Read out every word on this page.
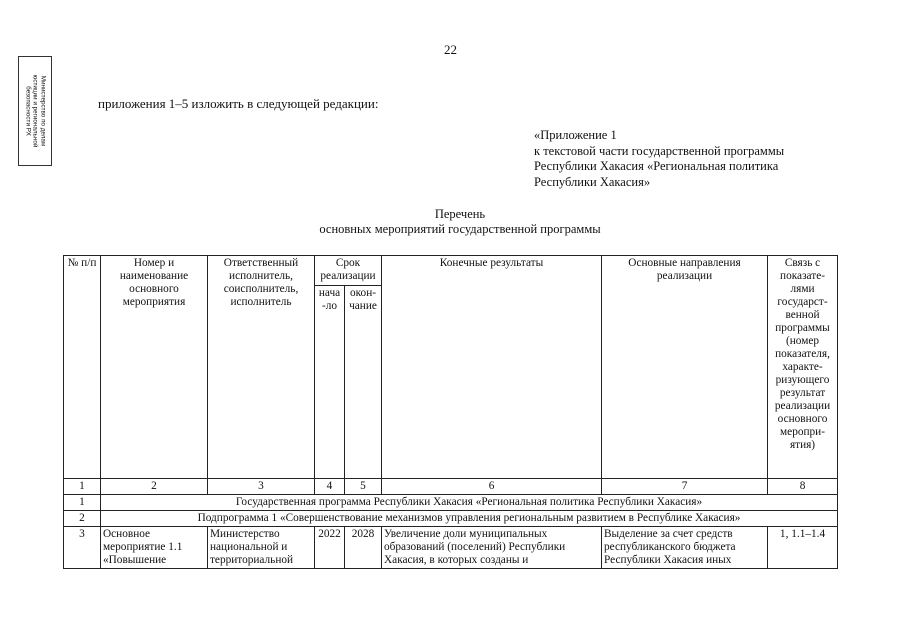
22
Министерство по делам
юстиции и региональной
безопасности РХ	приложения 1–5 изложить в следующей редакции:
«Приложение 1
к текстовой части государственной программы
Республики Хакасия «Региональная политика
Республики Хакасия»
Перечень
основных мероприятий государственной программы
№ п/п	Номер и наименование основного мероприятия	Ответственный исполнитель, соисполнитель, исполнитель	Срок реализации		Конечные результаты	Основные направления реализации	Связь с показате- лями государст- венной программы (номер показателя, характе- ризующего результат реализации основного меропри- ятия)
			нача -ло	окон- чание			
1	2	3	4	5	6	7	8
1	Государственная программа Республики Хакасия «Региональная политика Республики Хакасия»						
2	Подпрограмма 1 «Совершенствование механизмов управления региональным развитием в Республике Хакасия»						
3	Основное мероприятие 1.1 «Повышение	Министерство национальной и территориальной	2022	2028	Увеличение доли муниципальных образований (поселений) Республики Хакасия, в которых созданы и	Выделение за счет средств республиканского бюджета Республики Хакасия иных	1, 1.1–1.4
